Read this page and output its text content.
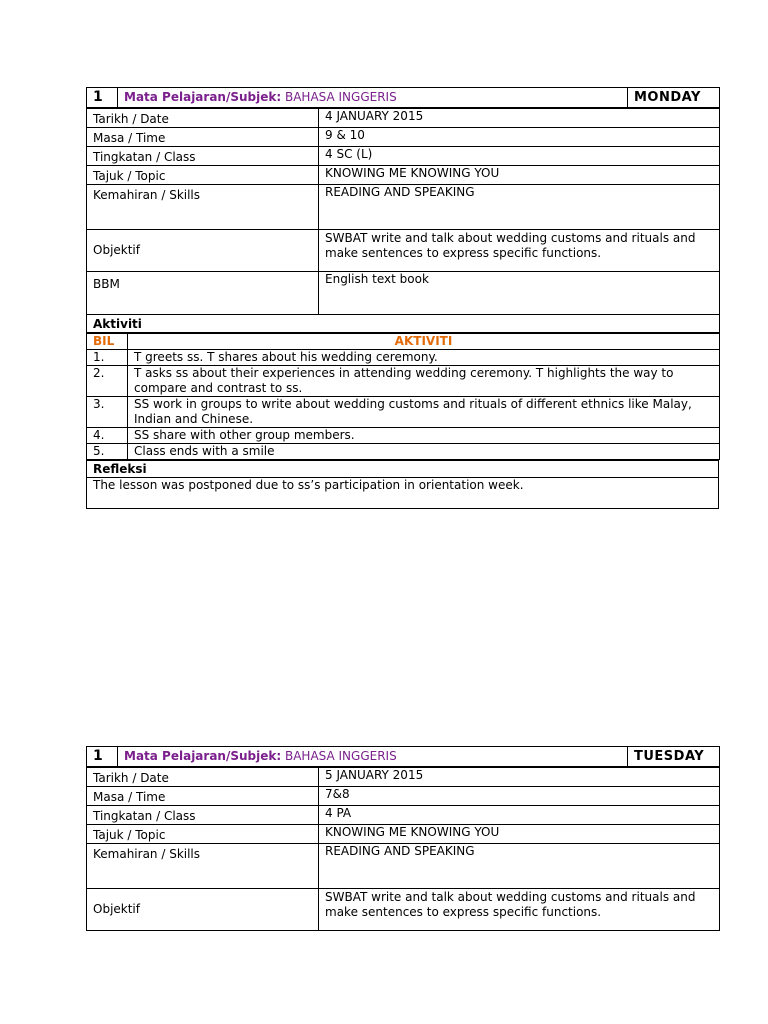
1	Mata Pelajaran/Subjek: BAHASA INGGERIS	MONDAY
Tarikh / Date	4 JANUARY 2015
Masa / Time	9 & 10
Tingkatan / Class	4 SC (L)
Tajuk / Topic	KNOWING ME KNOWING YOU
Kemahiran / Skills	READING AND SPEAKING
Objektif	SWBAT write and talk about wedding customs and rituals and make sentences to express specific functions.
BBM	English text book
Aktiviti	
BIL	AKTIVITI
1.	T greets ss. T shares about his wedding ceremony.
2.	T asks ss about their experiences in attending wedding ceremony. T highlights the way to compare and contrast to ss.
3.	SS work in groups to write about wedding customs and rituals of different ethnics like Malay, Indian and Chinese.
4.	SS share with other group members.
5.	Class ends with a smile
Refleksi
The lesson was postponed due to ss’s participation in orientation week.
1	Mata Pelajaran/Subjek: BAHASA INGGERIS	TUESDAY
Tarikh / Date	5 JANUARY 2015
Masa / Time	7&8
Tingkatan / Class	4 PA
Tajuk / Topic	KNOWING ME KNOWING YOU
Kemahiran / Skills	READING AND SPEAKING
Objektif	SWBAT write and talk about wedding customs and rituals and make sentences to express specific functions.
